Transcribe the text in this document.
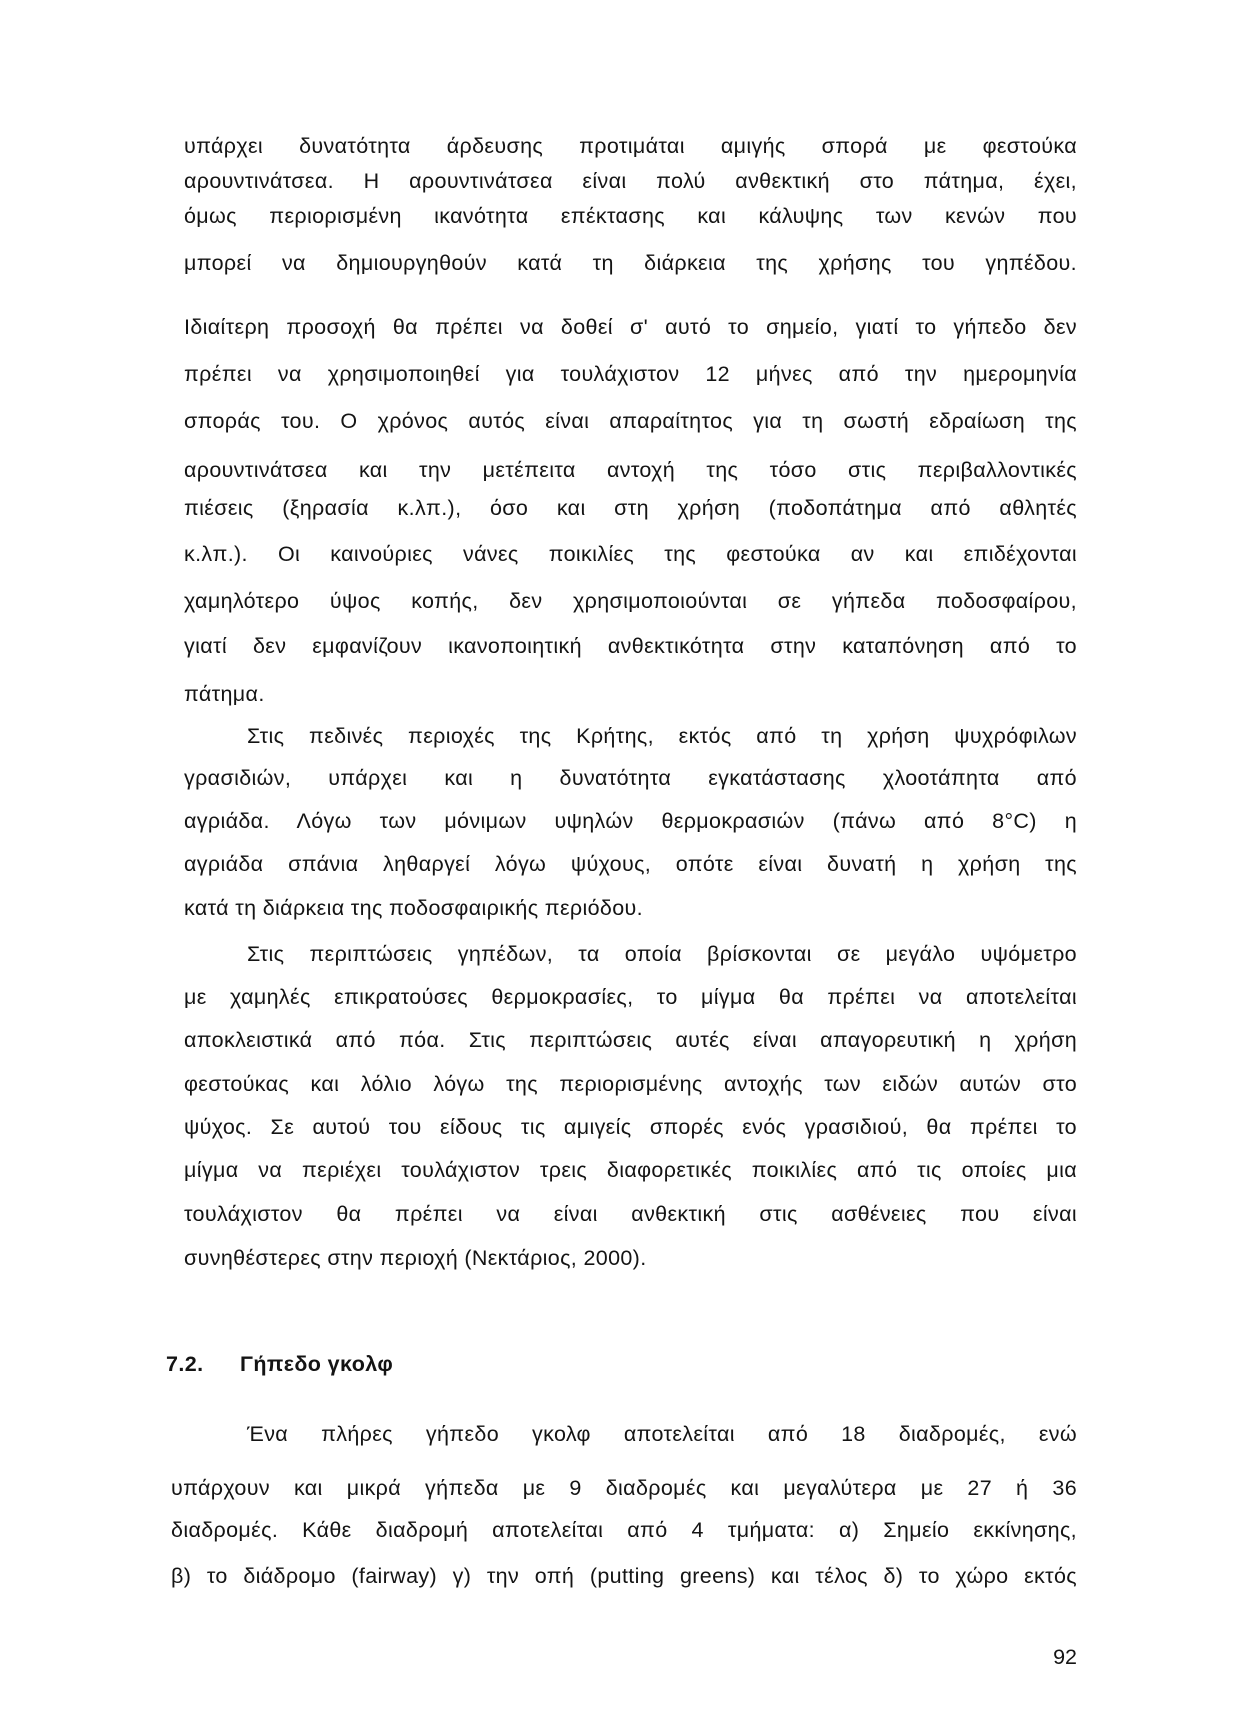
υπάρχει δυνατότητα άρδευσης προτιμάται αμιγής σπορά με φεστούκα
αρουντινάτσεα. Η αρουντινάτσεα είναι πολύ ανθεκτική στο πάτημα, έχει,
όμως περιορισμένη ικανότητα επέκτασης και κάλυψης των κενών που
μπορεί να δημιουργηθούν κατά τη διάρκεια της χρήσης του γηπέδου.
Ιδιαίτερη προσοχή θα πρέπει να δοθεί σ' αυτό το σημείο, γιατί το γήπεδο δεν
πρέπει να χρησιμοποιηθεί για τουλάχιστον 12 μήνες από την ημερομηνία
σποράς του. Ο χρόνος αυτός είναι απαραίτητος για τη σωστή εδραίωση της
αρουντινάτσεα και την μετέπειτα αντοχή της τόσο στις περιβαλλοντικές
πιέσεις (ξηρασία κ.λπ.), όσο και στη χρήση (ποδοπάτημα από αθλητές
κ.λπ.). Οι καινούριες νάνες ποικιλίες της φεστούκα αν και επιδέχονται
χαμηλότερο ύψος κοπής, δεν χρησιμοποιούνται σε γήπεδα ποδοσφαίρου,
γιατί δεν εμφανίζουν ικανοποιητική ανθεκτικότητα στην καταπόνηση από το
πάτημα.
Στις πεδινές περιοχές της Κρήτης, εκτός από τη χρήση ψυχρόφιλων
γρασιδιών, υπάρχει και η δυνατότητα εγκατάστασης χλοοτάπητα από
αγριάδα. Λόγω των μόνιμων υψηλών θερμοκρασιών (πάνω από 8°C) η
αγριάδα σπάνια ληθαργεί λόγω ψύχους, οπότε είναι δυνατή η χρήση της
κατά τη διάρκεια της ποδοσφαιρικής περιόδου.
Στις περιπτώσεις γηπέδων, τα οποία βρίσκονται σε μεγάλο υψόμετρο
με χαμηλές επικρατούσες θερμοκρασίες, το μίγμα θα πρέπει να αποτελείται
αποκλειστικά από πόα. Στις περιπτώσεις αυτές είναι απαγορευτική η χρήση
φεστούκας και λόλιο λόγω της περιορισμένης αντοχής των ειδών αυτών στο
ψύχος. Σε αυτού του είδους τις αμιγείς σπορές ενός γρασιδιού, θα πρέπει το
μίγμα να περιέχει τουλάχιστον τρεις διαφορετικές ποικιλίες από τις οποίες μια
τουλάχιστον θα πρέπει να είναι ανθεκτική στις ασθένειες που είναι
συνηθέστερες στην περιοχή (Νεκτάριος, 2000).
7.2. Γήπεδο γκολφ
Ένα πλήρες γήπεδο γκολφ αποτελείται από 18 διαδρομές, ενώ
υπάρχουν και μικρά γήπεδα με 9 διαδρομές και μεγαλύτερα με 27 ή 36
διαδρομές. Κάθε διαδρομή αποτελείται από 4 τμήματα: α) Σημείο εκκίνησης,
β) το διάδρομο (fairway) γ) την οπή (putting greens) και τέλος δ) το χώρο εκτός
92
